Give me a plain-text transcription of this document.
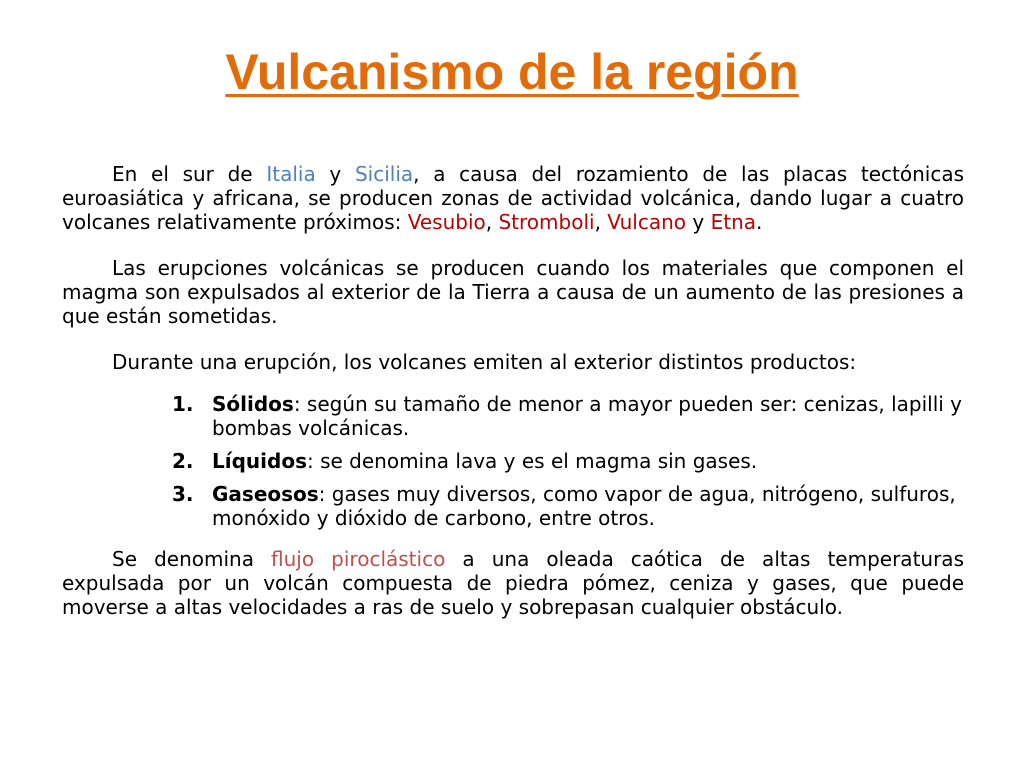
Vulcanismo de la región

En el sur de Italia y Sicilia, a causa del rozamiento de las placas tectónicas euroasiática y africana, se producen zonas de actividad volcánica, dando lugar a cuatro volcanes relativamente próximos: Vesubio, Stromboli, Vulcano y Etna.

Las erupciones volcánicas se producen cuando los materiales que componen el magma son expulsados al exterior de la Tierra a causa de un aumento de las presiones a que están sometidas.

Durante una erupción, los volcanes emiten al exterior distintos productos:

1. Sólidos: según su tamaño de menor a mayor pueden ser: cenizas, lapilli y bombas volcánicas.
2. Líquidos: se denomina lava y es el magma sin gases.
3. Gaseosos: gases muy diversos, como vapor de agua, nitrógeno, sulfuros, monóxido y dióxido de carbono, entre otros.

Se denomina flujo piroclástico a una oleada caótica de altas temperaturas expulsada por un volcán compuesta de piedra pómez, ceniza y gases, que puede moverse a altas velocidades a ras de suelo y sobrepasan cualquier obstáculo.
